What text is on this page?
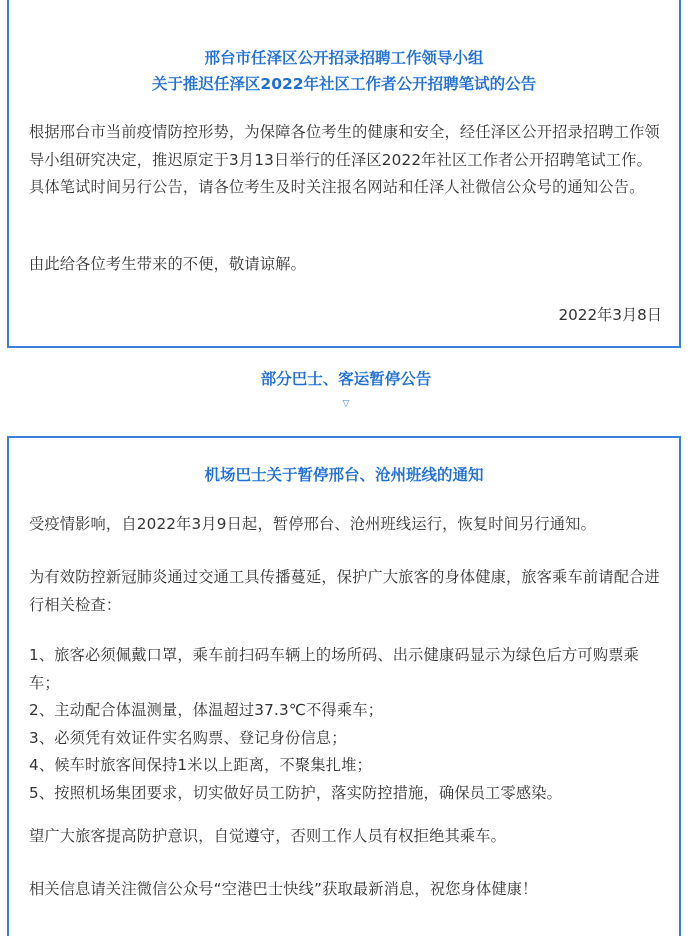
邢台市任泽区公开招录招聘工作领导小组
关于推迟任泽区2022年社区工作者公开招聘笔试的公告

根据邢台市当前疫情防控形势，为保障各位考生的健康和安全，经任泽区公开招录招聘工作领导小组研究决定，推迟原定于3月13日举行的任泽区2022年社区工作者公开招聘笔试工作。具体笔试时间另行公告，请各位考生及时关注报名网站和任泽人社微信公众号的通知公告。

由此给各位考生带来的不便，敬请谅解。

2022年3月8日
部分巴士、客运暂停公告
▽
机场巴士关于暂停邢台、沧州班线的通知

受疫情影响，自2022年3月9日起，暂停邢台、沧州班线运行，恢复时间另行通知。

为有效防控新冠肺炎通过交通工具传播蔓延，保护广大旅客的身体健康，旅客乘车前请配合进行相关检查：

1、旅客必须佩戴口罩，乘车前扫码车辆上的场所码、出示健康码显示为绿色后方可购票乘车；
2、主动配合体温测量，体温超过37.3℃不得乘车；
3、必须凭有效证件实名购票、登记身份信息；
4、候车时旅客间保持1米以上距离，不聚集扎堆；
5、按照机场集团要求，切实做好员工防护，落实防控措施，确保员工零感染。

望广大旅客提高防护意识，自觉遵守，否则工作人员有权拒绝其乘车。

相关信息请关注微信公众号“空港巴士快线”获取最新消息，祝您身体健康！
